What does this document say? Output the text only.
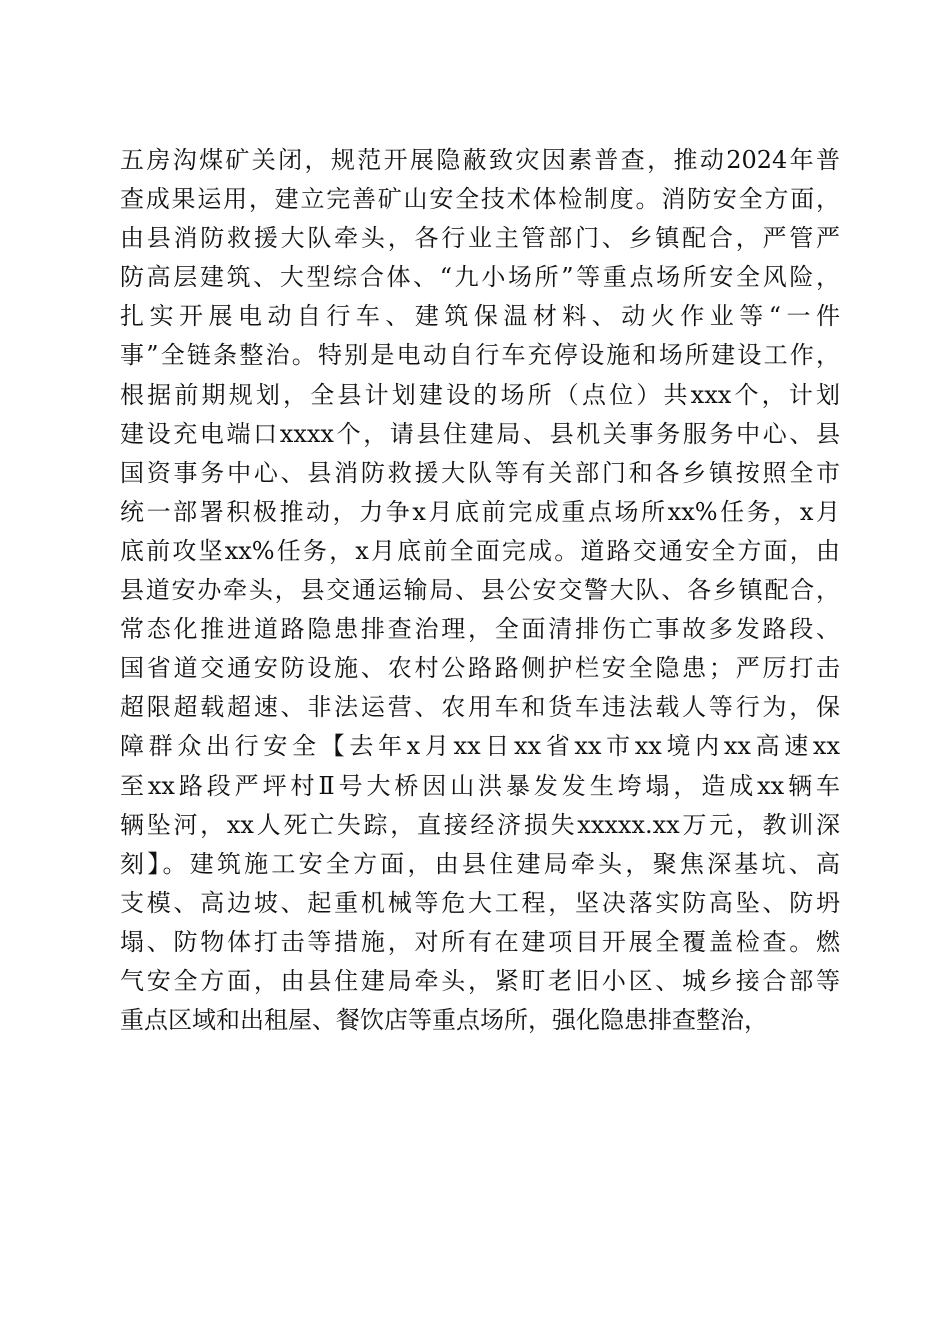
五房沟煤矿关闭，规范开展隐蔽致灾因素普查，推动2024年普
查成果运用，建立完善矿山安全技术体检制度。消防安全方面，
由县消防救援大队牵头，各行业主管部门、乡镇配合，严管严
防高层建筑、大型综合体、“九小场所”等重点场所安全风险，
扎实开展电动自行车、建筑保温材料、动火作业等“一件
事”全链条整治。特别是电动自行车充停设施和场所建设工作，
根据前期规划，全县计划建设的场所（点位）共xxx个，计划
建设充电端口xxxx个，请县住建局、县机关事务服务中心、县
国资事务中心、县消防救援大队等有关部门和各乡镇按照全市
统一部署积极推动，力争x月底前完成重点场所xx%任务，x月
底前攻坚xx%任务，x月底前全面完成。道路交通安全方面，由
县道安办牵头，县交通运输局、县公安交警大队、各乡镇配合，
常态化推进道路隐患排查治理，全面清排伤亡事故多发路段、
国省道交通安防设施、农村公路路侧护栏安全隐患；严厉打击
超限超载超速、非法运营、农用车和货车违法载人等行为，保
障群众出行安全【去年x月xx日xx省xx市xx境内xx高速xx
至xx路段严坪村Ⅱ号大桥因山洪暴发发生垮塌，造成xx辆车
辆坠河，xx人死亡失踪，直接经济损失xxxxx.xx万元，教训深
刻】。建筑施工安全方面，由县住建局牵头，聚焦深基坑、高
支模、高边坡、起重机械等危大工程，坚决落实防高坠、防坍
塌、防物体打击等措施，对所有在建项目开展全覆盖检查。燃
气安全方面，由县住建局牵头，紧盯老旧小区、城乡接合部等
重点区域和出租屋、餐饮店等重点场所，强化隐患排查整治，
